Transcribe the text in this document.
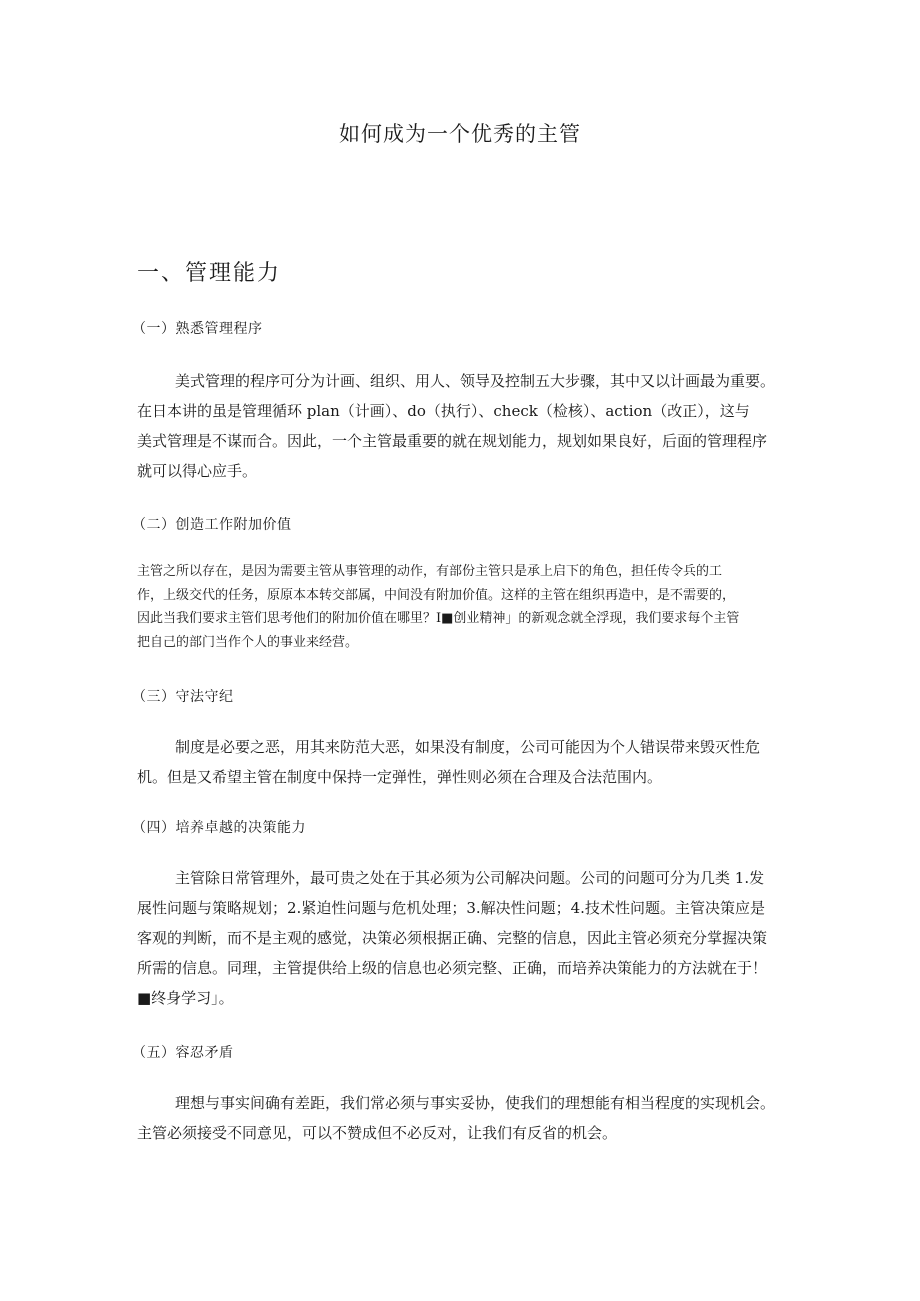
如何成为一个优秀的主管
一、管理能力
（一）熟悉管理程序
美式管理的程序可分为计画、组织、用人、领导及控制五大步骤，其中又以计画最为重要。
在日本讲的虽是管理循环 plan（计画）、do（执行）、check（检核）、action（改正），这与
美式管理是不谋而合。因此，一个主管最重要的就在规划能力，规划如果良好，后面的管理程序
就可以得心应手。
（二）创造工作附加价值
主管之所以存在，是因为需要主管从事管理的动作，有部份主管只是承上启下的角色，担任传令兵的工
作，上级交代的任务，原原本本转交部属，中间没有附加价值。这样的主管在组织再造中，是不需要的，
因此当我们要求主管们思考他们的附加价值在哪里？Ⅰ■创业精神」的新观念就全浮现，我们要求每个主管
把自己的部门当作个人的事业来经营。
（三）守法守纪
制度是必要之恶，用其来防范大恶，如果没有制度，公司可能因为个人错误带来毁灭性危
机。但是又希望主管在制度中保持一定弹性，弹性则必须在合理及合法范围内。
（四）培养卓越的决策能力
主管除日常管理外，最可贵之处在于其必须为公司解决问题。公司的问题可分为几类 1.发
展性问题与策略规划；2.紧迫性问题与危机处理；3.解决性问题；4.技术性问题。主管决策应是
客观的判断，而不是主观的感觉，决策必须根据正确、完整的信息，因此主管必须充分掌握决策
所需的信息。同理，主管提供给上级的信息也必须完整、正确，而培养决策能力的方法就在于！
■终身学习」。
（五）容忍矛盾
理想与事实间确有差距，我们常必须与事实妥协，使我们的理想能有相当程度的实现机会。
主管必须接受不同意见，可以不赞成但不必反对，让我们有反省的机会。
